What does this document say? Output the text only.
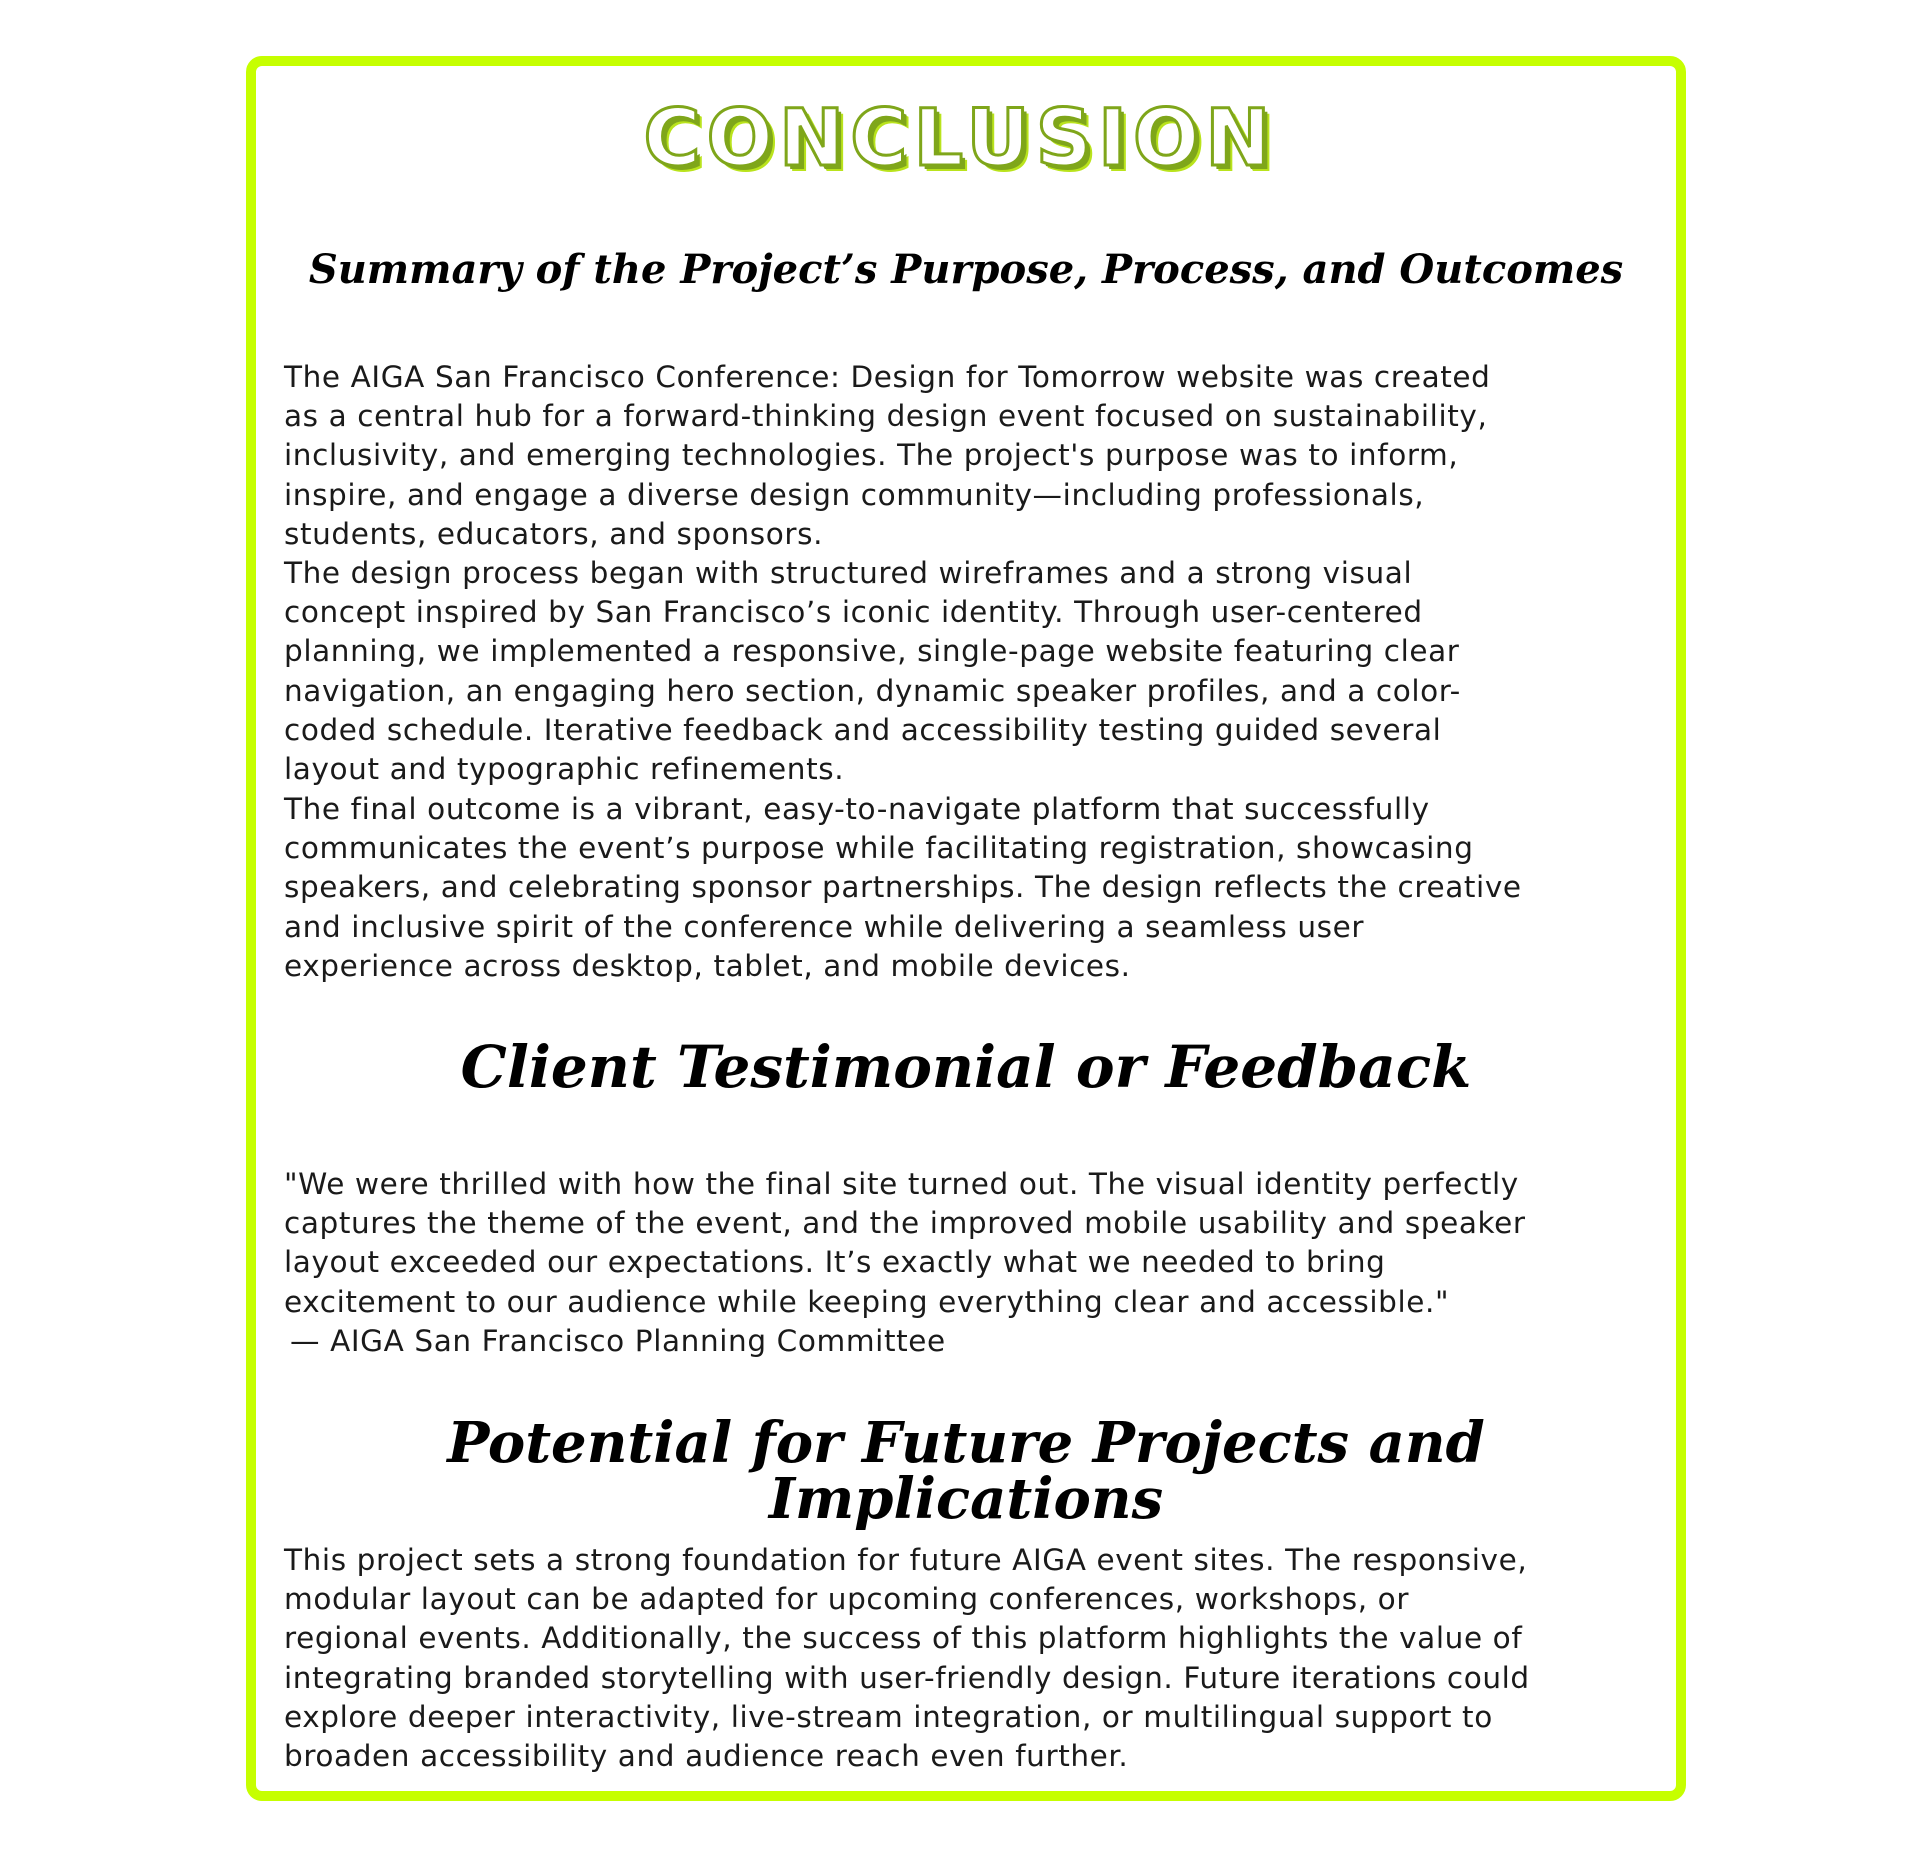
CONCLUSION
Summary of the Project’s Purpose, Process, and Outcomes

The AIGA San Francisco Conference: Design for Tomorrow website was created
as a central hub for a forward-thinking design event focused on sustainability,
inclusivity, and emerging technologies. The project's purpose was to inform,
inspire, and engage a diverse design community—including professionals,
students, educators, and sponsors.

The design process began with structured wireframes and a strong visual
concept inspired by San Francisco’s iconic identity. Through user-centered
planning, we implemented a responsive, single-page website featuring clear
navigation, an engaging hero section, dynamic speaker profiles, and a color-
coded schedule. Iterative feedback and accessibility testing guided several
layout and typographic refinements.

The final outcome is a vibrant, easy-to-navigate platform that successfully
communicates the event’s purpose while facilitating registration, showcasing
speakers, and celebrating sponsor partnerships. The design reflects the creative
and inclusive spirit of the conference while delivering a seamless user
experience across desktop, tablet, and mobile devices.

Client Testimonial or Feedback

"We were thrilled with how the final site turned out. The visual identity perfectly
captures the theme of the event, and the improved mobile usability and speaker
layout exceeded our expectations. It’s exactly what we needed to bring
excitement to our audience while keeping everything clear and accessible."

— AIGA San Francisco Planning Committee

Potential for Future Projects and Implications

This project sets a strong foundation for future AIGA event sites. The responsive,
modular layout can be adapted for upcoming conferences, workshops, or
regional events. Additionally, the success of this platform highlights the value of
integrating branded storytelling with user-friendly design. Future iterations could
explore deeper interactivity, live-stream integration, or multilingual support to
broaden accessibility and audience reach even further.
